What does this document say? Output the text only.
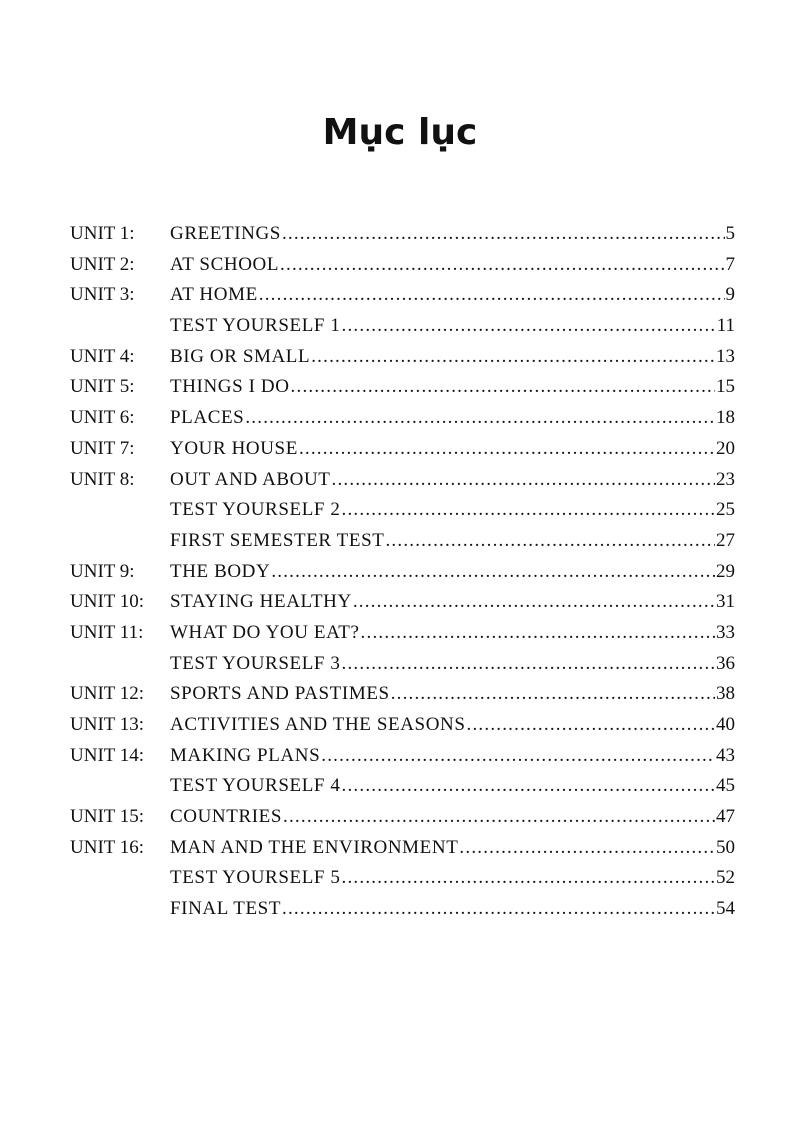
Mục lục
UNIT 1:	GREETINGS .....	5
UNIT 2:	AT SCHOOL .....	7
UNIT 3:	AT HOME .....	9
TEST YOURSELF 1 .....	11
UNIT 4:	BIG OR SMALL .....	13
UNIT 5:	THINGS I DO .....	15
UNIT 6:	PLACES .....	18
UNIT 7:	YOUR HOUSE .....	20
UNIT 8:	OUT AND ABOUT .....	23
TEST YOURSELF 2 .....	25
FIRST SEMESTER TEST .....	27
UNIT 9:	THE BODY .....	29
UNIT 10:	STAYING HEALTHY .....	31
UNIT 11:	WHAT DO YOU EAT? .....	33
TEST YOURSELF 3 .....	36
UNIT 12:	SPORTS AND PASTIMES .....	38
UNIT 13:	ACTIVITIES AND THE SEASONS .....	40
UNIT 14:	MAKING PLANS .....	43
TEST YOURSELF 4 .....	45
UNIT 15:	COUNTRIES .....	47
UNIT 16:	MAN AND THE ENVIRONMENT .....	50
TEST YOURSELF 5 .....	52
FINAL TEST .....	54
